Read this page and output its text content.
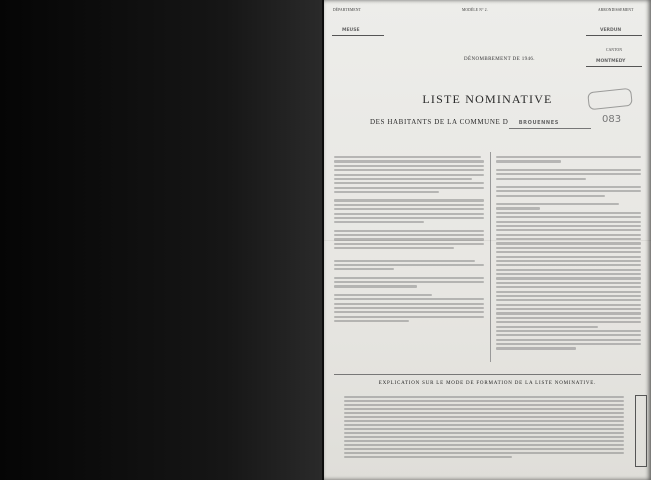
DÉPARTEMENT	MODÈLE N° 2.	ARRONDISSEMENT
MEUSE	VERDUN
CANTON
MONTMEDY
DÉNOMBREMENT DE 1946.
LISTE NOMINATIVE
DES HABITANTS DE LA COMMUNE D BROUENNES	083
EXPLICATION SUR LE MODE DE FORMATION DE LA LISTE NOMINATIVE.
